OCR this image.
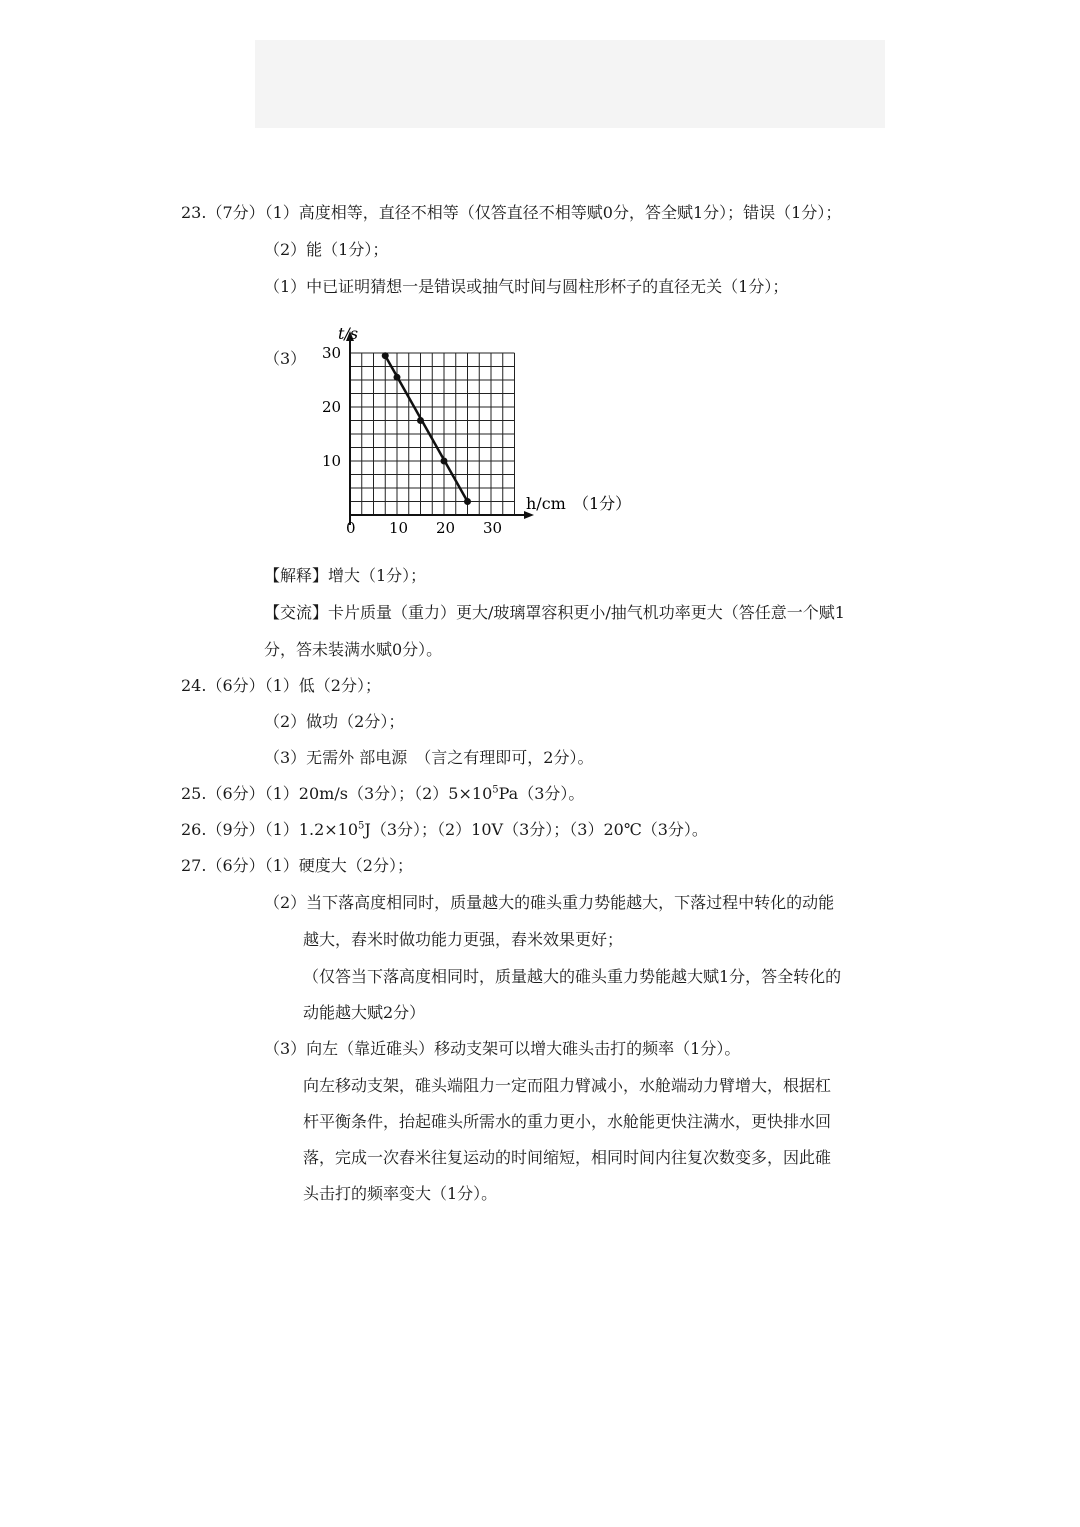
23.（7分）（1）高度相等，直径不相等（仅答直径不相等赋0分，答全赋1分）；错误（1分）；
（2）能（1分）；
（1）中已证明猜想一是错误或抽气时间与圆柱形杯子的直径无关（1分）；
（3）
0 10 20 30
10
20
30
t/s
h/cm （1分）
【解释】增大（1分）；
【交流】卡片质量（重力）更大/玻璃罩容积更小/抽气机功率更大（答任意一个赋1
分，答未装满水赋0分）。
24.（6分）（1）低（2分）；
（2）做功（2分）；
（3）无需外 部电源　（言之有理即可，2分）。
25.（6分）（1）20m/s（3分）；$(2)5\times 10^5Pa(3$分）。
26.（9分）$(1)1.2\times 10^5J(3$分）；（2）10V（3分）；（3）20℃（3分）。
27.（6分）（1）硬度大（2分）；
（2）当下落高度相同时，质量越大的碓头重力势能越大，下落过程中转化的动能
越大，舂米时做功能力更强，舂米效果更好；
（仅答当下落高度相同时，质量越大的碓头重力势能越大赋1分，答全转化的
动能越大赋2分）
（3）向左（靠近碓头）移动支架可以增大碓头击打的频率（1分）。
向左移动支架，碓头端阻力一定而阻力臂减小，水舱端动力臂增大，根据杠
杆平衡条件，抬起碓头所需水的重力更小，水舱能更快注满水，更快排水回
落，完成一次舂米往复运动的时间缩短，相同时间内往复次数变多，因此碓
头击打的频率变大（1分）。
